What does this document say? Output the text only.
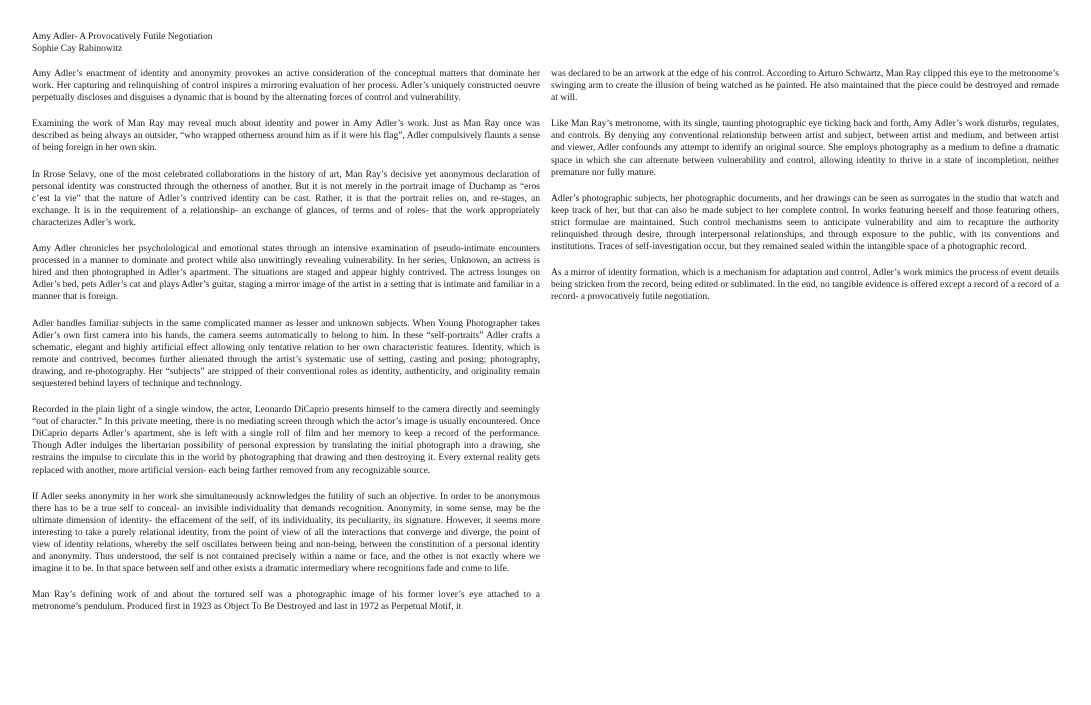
Amy Adler- A Provocatively Futile Negotiation
Sophie Cay Rabinowitz

Amy Adler’s enactment of identity and anonymity provokes an active consideration of the conceptual matters that dominate her work. Her capturing and relinquishing of control inspires a mirroring evaluation of her process. Adler’s uniquely constructed oeuvre perpetually discloses and disguises a dynamic that is bound by the alternating forces of control and vulnerability.

Examining the work of Man Ray may reveal much about identity and power in Amy Adler’s work. Just as Man Ray once was described as being always an outsider, “who wrapped otherness around him as if it were his flag”, Adler compulsively flaunts a sense of being foreign in her own skin.

In Rrose Selavy, one of the most celebrated collaborations in the history of art, Man Ray’s decisive yet anonymous declaration of personal identity was constructed through the otherness of another. But it is not merely in the portrait image of Duchamp as “eros c’est la vie” that the nature of Adler’s contrived identity can be cast. Rather, it is that the portrait relies on, and re-stages, an exchange. It is in the requirement of a relationship- an exchange of glances, of terms and of roles- that the work appropriately characterizes Adler’s work.

Amy Adler chronicles her psycholological and emotional states through an intensive examination of pseudo-intimate encounters processed in a manner to dominate and protect while also unwittingly revealing vulnerability. In her series, Unknown, an actress is hired and then photographed in Adler’s apartment. The situations are staged and appear highly contrived. The actress lounges on Adler’s bed, pets Adler’s cat and plays Adler’s guitar, staging a mirror image of the artist in a setting that is intimate and familiar in a manner that is foreign.

Adler handles familiar subjects in the same complicated manner as lesser and unknown subjects. When Young Photographer takes Adler’s own first camera into his hands, the camera seems automatically to belong to him. In these “self-portraits” Adler crafts a schematic, elegant and highly artificial effect allowing only tentative relation to her own characteristic features. Identity, which is remote and contrived, becomes further alienated through the artist’s systematic use of setting, casting and posing; photography, drawing, and re-photography. Her “subjects” are stripped of their conventional roles as identity, authenticity, and originality remain sequestered behind layers of technique and technology.

Recorded in the plain light of a single window, the actor, Leonardo DiCaprio presents himself to the camera directly and seemingly “out of character.” In this private meeting, there is no mediating screen through which the actor’s image is usually encountered. Once DiCaprio departs Adler’s apartment, she is left with a single roll of film and her memory to keep a record of the performance. Though Adler indulges the libertarian possibility of personal expression by translating the initial photograph into a drawing, she restrains the impulse to circulate this in the world by photographing that drawing and then destroying it. Every external reality gets replaced with another, more artificial version- each being farther removed from any recognizable source.

If Adler seeks anonymity in her work she simultaneously acknowledges the futility of such an objective. In order to be anonymous there has to be a true self to conceal- an invisible individuality that demands recognition. Anonymity, in some sense, may be the ultimate dimension of identity- the effacement of the self, of its individuality, its peculiarity, its signature. However, it seems more interesting to take a purely relational identity, from the point of view of all the interactions that converge and diverge, the point of view of identity relations, whereby the self oscillates between being and non-being, between the constitution of a personal identity and anonymity. Thus understood, the self is not contained precisely within a name or face, and the other is not exactly where we imagine it to be. In that space between self and other exists a dramatic intermediary where recognitions fade and come to life.

Man Ray’s defining work of and about the tortured self was a photographic image of his former lover’s eye attached to a metronome’s pendulum. Produced first in 1923 as Object To Be Destroyed and last in 1972 as Perpetual Motif, it

was declared to be an artwork at the edge of his control. According to Arturo Schwartz, Man Ray clipped this eye to the metronome’s swinging arm to create the illusion of being watched as he painted. He also maintained that the piece could be destroyed and remade at will.

Like Man Ray’s metronome, with its single, taunting photographic eye ticking back and forth, Amy Adler’s work disturbs, regulates, and controls. By denying any conventional relationship between artist and subject, between artist and medium, and between artist and viewer, Adler confounds any attempt to identify an original source. She employs photography as a medium to define a dramatic space in which she can alternate between vulnerability and control, allowing identity to thrive in a state of incompletion, neither premature nor fully mature.

Adler’s photographic subjects, her photographic documents, and her drawings can be seen as surrogates in the studio that watch and keep track of her, but that can also be made subject to her complete control. In works featuring herself and those featuring others, strict formulae are maintained. Such control mechanisms seem to anticipate vulnerability and aim to recapture the authority relinquished through desire, through interpersonal relationships, and through exposure to the public, with its conventions and institutions. Traces of self-investigation occur, but they remained sealed within the intangible space of a photographic record.

As a mirror of identity formation, which is a mechanism for adaptation and control, Adler’s work mimics the process of event details being stricken from the record, being edited or sublimated. In the end, no tangible evidence is offered except a record of a record of a record- a provocatively futile negotiation.
